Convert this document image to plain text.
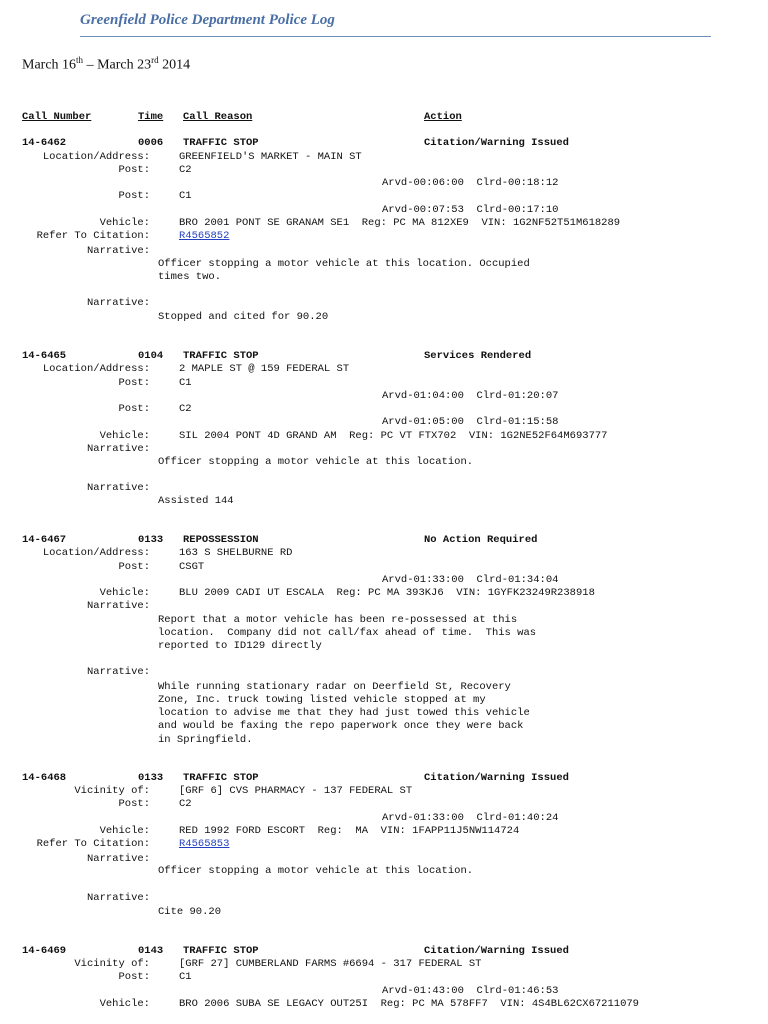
Greenfield Police Department Police Log
March 16th – March 23rd 2014
Call Number	Time Call Reason	Action
14-6462	0006 TRAFFIC STOP	Citation/Warning Issued
Location/Address:	GREENFIELD'S MARKET - MAIN ST
Post:	C2
Arvd-00:06:00  Clrd-00:18:12
Post:	C1
Arvd-00:07:53  Clrd-00:17:10
Vehicle:	BRO 2001 PONT SE GRANAM SE1  Reg: PC MA 812XE9  VIN: 1G2NF52T51M618289
Refer To Citation:	R4565852
Narrative:
Officer stopping a motor vehicle at this location. Occupied
times two.
Narrative:
Stopped and cited for 90.20
14-6465	0104 TRAFFIC STOP	Services Rendered
Location/Address:	2 MAPLE ST @ 159 FEDERAL ST
Post:	C1
Arvd-01:04:00  Clrd-01:20:07
Post:	C2
Arvd-01:05:00  Clrd-01:15:58
Vehicle:	SIL 2004 PONT 4D GRAND AM  Reg: PC VT FTX702  VIN: 1G2NE52F64M693777
Narrative:
Officer stopping a motor vehicle at this location.
Narrative:
Assisted 144
14-6467	0133 REPOSSESSION	No Action Required
Location/Address:	163 S SHELBURNE RD
Post:	CSGT
Arvd-01:33:00  Clrd-01:34:04
Vehicle:	BLU 2009 CADI UT ESCALA  Reg: PC MA 393KJ6  VIN: 1GYFK23249R238918
Narrative:
Report that a motor vehicle has been re-possessed at this
location.  Company did not call/fax ahead of time.  This was
reported to ID129 directly
Narrative:
While running stationary radar on Deerfield St, Recovery
Zone, Inc. truck towing listed vehicle stopped at my
location to advise me that they had just towed this vehicle
and would be faxing the repo paperwork once they were back
in Springfield.
14-6468	0133 TRAFFIC STOP	Citation/Warning Issued
Vicinity of:	[GRF 6] CVS PHARMACY - 137 FEDERAL ST
Post:	C2
Arvd-01:33:00  Clrd-01:40:24
Vehicle:	RED 1992 FORD ESCORT  Reg:  MA  VIN: 1FAPP11J5NW114724
Refer To Citation:	R4565853
Narrative:
Officer stopping a motor vehicle at this location.
Narrative:
Cite 90.20
14-6469	0143 TRAFFIC STOP	Citation/Warning Issued
Vicinity of:	[GRF 27] CUMBERLAND FARMS #6694 - 317 FEDERAL ST
Post:	C1
Arvd-01:43:00  Clrd-01:46:53
Vehicle:	BRO 2006 SUBA SE LEGACY OUT25I  Reg: PC MA 578FF7  VIN: 4S4BL62CX67211079
